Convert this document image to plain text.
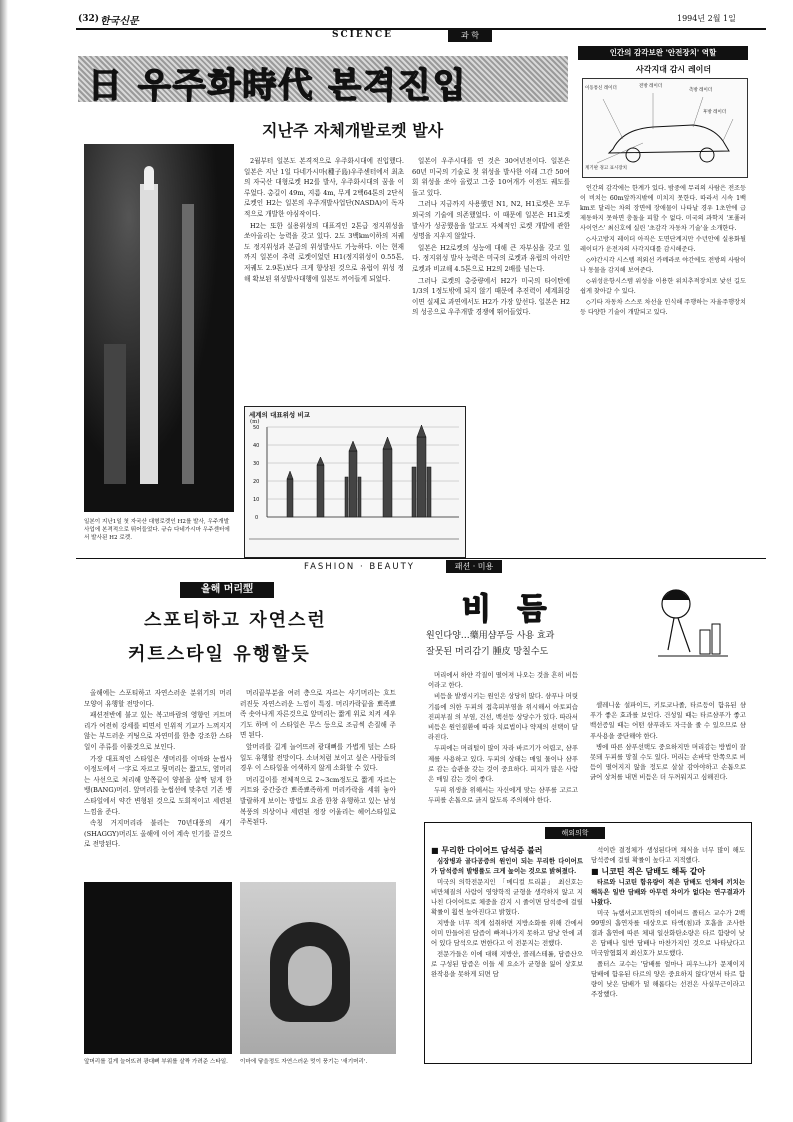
(32) 한국신문	1994년 2월 1일
SCIENCE	과 학
日 우주화時代 본격진입
지난주 자체개발로켓 발사
일본이 지난1일 첫 자국산 대형로켓인 H2를 발사, 우주개발사업에 본격적으로 뛰어들었다. 규슈 다네가시마 우주센터에서 발사된 H2 로켓.

2월부터 일본도 본격적으로 우주화시대에 진입했다. 일본은 지난 1일 다네가시마(種子島)우주센터에서 최초의 자국산 대형로켓 H2를 발사, 우주화시대의 꿈을 이루었다. 총길이 49m, 지름 4m, 무게 2백64톤의 2단식로켓인 H2는 일본의 우주개발사업단(NASDA)이 독자적으로 개발한 야심작이다.

H2는 또한 실용위성의 대표격인 2톤급 정지위성을 쏘아올리는 능력을 갖고 있다. 2도 3백km이하의 저궤도 정지위성과 본급의 위성발사도 가능하다. 이는 현재까지 일본이 추력 로켓이었던 H1(정지위성이 0.55톤, 저궤도 2.9톤)보다 크게 향상된 것으로 유럽이 위성 정해 확보된 위성발사대행에 일본도 끼어들게 되었다.

일본이 우주시대를 연 것은 30여년전이다. 일본은 60년 미국의 기술로 첫 위성을 발사한 이래 그간 50여회 위성을 쏘아 올렸고 그중 10여개가 이전도 궤도를 돌고 있다.

그러나 지금까지 사용했던 N1, N2, H1로켓은 모두 외국의 기술에 의존했었다. 이 때문에 일본은 H1로켓발사가 성공했음을 알고도 자체적인 로켓 개발에 관한 성명을 지우지 않았다.

일본은 H2로켓의 성능에 대해 큰 자부심을 갖고 있다. 정지위성 발사 능력은 미국의 로켓과 유럽의 아리안로켓과 비교해 4.5톤으로 H2의 2배를 넘는다.

그러나 로켓의 총중량에서 H2가 미국의 타이탄에 1/3의 1정도밖에 되지 않기 때문에 추진력이 세계최강이면 실제로 과연에서도 H2가 가장 앞선다. 일본은 H2의 성공으로 우주개발 경쟁에 뛰어들었다.

세계의 대표위성 비교
(m)
0
10
20
30
40
50
인간의 감각보완 '안전장치' 역할
사각지대 감시 레이더
이동통신 레이더	전방 레이더
측방 레이더
후방 레이더
계기판 경고 표시장치

인간의 감각에는 한계가 있다. 밤중에 무리의 사람은 전조등이 비치는 60m앞까지밖에 미치지 못한다. 따라서 시속 1백km로 달리는 차의 장면에 장애물이 나타날 경우 1초안에 급제동하지 못하면 충돌을 피할 수 없다. 미국의 과학지 '포퓰러 사이언스' 최신호에 실린 '초감각 자동차 기술'을 소개한다.

◇사고방지 레이더 아직은 도면단계지만 수년안에 실용화될 레이더가 운전자의 사각지대를 감시해준다.

◇야간시각 시스템 적외선 카메라로 야간에도 전방의 사람이나 동물을 감지해 보여준다.

◇위성운항시스템 위성을 이용한 위치추적장치로 낯선 길도 쉽게 찾아갈 수 있다.

◇기타 자동차 스스로 차선을 인식해 주행하는 자율주행장치 등 다양한 기술이 개발되고 있다.

FASHION · BEAUTY	패션 · 미용
올해 머리型
스포티하고 자연스런
커트스타일 유행할듯

올해에는 스포티하고 자연스러운 분위기의 머리모양이 유행할 전망이다.

패션전반에 불고 있는 복고바람의 영향인 커트머리가 여전히 강세를 띠면서 인위적 기교가 느껴지지 않는 부드러운 커팅으로 자연미를 한층 강조한 스타일이 주류를 이룰것으로 보인다.

가장 대표적인 스타일은 생머리를 이마와 눈썹사이정도에서 一字로 자르고 뒷머리는 짧고도, 옆머리는 사선으로 처리해 앞쪽끝이 양볼을 살짝 덮게 한 뱅(BANG)머리. 앞머리를 눈썹선에 맞추던 기존 뱅스타일에서 약간 변형된 것으로 도회적이고 세련된 느낌을 준다.

속칭 거지머리라 불리는 70년대풍의 새기(SHAGGY)머리도 올해에 이어 계속 인기를 끌것으로 전망된다.

머리끝부분을 여러 층으로 자르는 샤기머리는 흐트러진듯 자연스러운 느낌이 특징. 머리카락끝을 뾰족뾰족 솟아나게 자른것으로 앞머리는 짧게 위로 치켜 세우기도 하며 이 스타일은 무스 등으로 조금씩 손질해 주면 된다.

앞머리를 길게 늘어뜨려 광대뼈를 가볍게 덮는 스타일도 유행할 전망이다. 소녀처럼 보이고 싶은 사람들의 경우 이 스타일을 어색하지 않게 소화할 수 있다.

머리길이를 전체적으로 2~3cm정도로 짧게 자르는 커트와 중간중간 뾰족뾰족하게 머리카락을 세워 놓아 발랄하게 보이는 방법도 요즘 한창 유행하고 있는 남성복풍의 의상이나 세련된 정장 어울리는 헤어스타일로 주목된다.

앞머리를 길게 늘어뜨려 광대뼈 부위를 살짝 가려준 스타일.	이마에 닿을정도 자연스러운 멋이 풍기는 '새기머리'.
비 듬
원인다양…藥用샴푸등 사용 효과
잘못된 머리감기 腫皮 망칠수도

머리에서 하얀 각질이 떨어져 나오는 것을 흔히 비듬이라고 한다.

비듬을 발생시키는 원인은 상당히 많다. 샴푸나 머릿기름에 의한 두피의 접촉피부염을 위시해서 아토피습진피부질 의 부염, 건선, 백선등 상당수가 있다. 따라서 비듬은 원인질환에 따라 치료법이나 약제의 선택이 달라진다.

두피에는 머리털이 많이 자라 바르기가 어렵고, 샴푸제를 사용하고 있다. 두피의 상태는 매일 물이나 샴푸로 감는 습관을 갖는 것이 중요하다. 피지가 많은 사람은 매일 감는 것이 좋다.

두피 위생을 위해서는 자신에게 맞는 샴푸를 고르고 두피를 손톱으로 긁지 않도록 주의해야 한다.

셀레니움 설파이드, 키토코나졸, 타르등이 함유된 샴푸가 좋은 효과를 보인다. 건성일 때는 타르샴푸가 좋고 백선증일 때는 어떤 샴푸라도 자극을 줄 수 있으므로 샴푸사용을 중단해야 한다.

병에 따른 샴푸선택도 중요하지만 머리감는 방법이 잘못돼 두피를 망칠 수도 있다. 머리는 손바닥 안쪽으로 비듬이 떨어지지 않을 정도로 살살 감아야하고 손톱으로 긁어 상처를 내면 비듬은 더 두꺼워지고 심해진다.

해외의학

■ 무리한 다이어트 담석증 불러

심장병과 골다공증의 원인이 되는 무리한 다이어트가 담석증의 발병률도 크게 높이는 것으로 밝혀졌다.

미국의 의학전문지인 「메디컬 트리뷴」 최신호는 비만체질의 사람이 영양학적 균형을 생각하지 않고 지나친 다이어트로 체중을 감지 시 줄이면 담석증에 걸릴 확률이 훨씬 높아진다고 밝혔다.

지방을 너무 적게 섭취하면 지방소화를 위해 간에서 이미 만들어진 담즙이 빠져나가지 못하고 담낭 안에 괴어 있다 담석으로 변한다고 이 전문지는 전했다.

전문가들은 이에 대해 지방산, 콜레스테롤, 담즙산으로 구성된 담즙은 이들 세 요소가 균형을 잃어 상호보완작용을 못하게 되면 담

석이란 결정체가 생성된다며 채식을 너무 많이 해도 담석증에 걸릴 확률이 높다고 지적했다.

■ 니코틴 적은 담배도 해독 같아

타르와 니코틴 함유량이 적은 담배도 인체에 끼치는 해독은 일반 담배와 아무런 차이가 없다는 연구결과가 나왔다.

미국 뉴햄셔코프먼학의 데이비드 폴터스 교수가 2백99명의 흡연자를 대상으로 타액(침)과 호흡을 조사한 결과 흡연에 따른 체내 일산화탄소량은 타르 함량이 낮은 담배나 일반 담배나 마찬가지인 것으로 나타났다고 미국암협회지 최신호가 보도했다.

폴터스 교수는 '담배를 얼마나 피우느냐가 문제이지 담배에 함유된 타르의 양은 중요하지 않다'면서 타르 함량이 낮은 담배가 덜 해롭다는 선전은 사실무근이라고 주장했다.
